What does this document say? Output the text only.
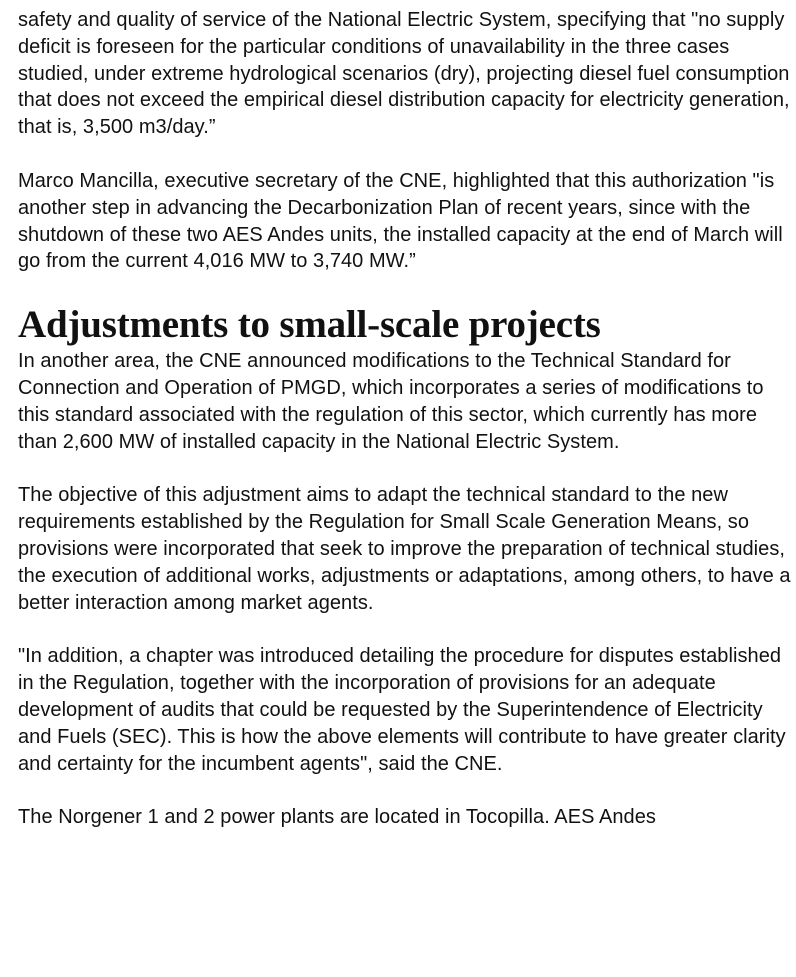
safety and quality of service of the National Electric System, specifying that "no supply deficit is foreseen for the particular conditions of unavailability in the three cases studied, under extreme hydrological scenarios (dry), projecting diesel fuel consumption that does not exceed the empirical diesel distribution capacity for electricity generation, that is, 3,500 m3/day.”

Marco Mancilla, executive secretary of the CNE, highlighted that this authorization "is another step in advancing the Decarbonization Plan of recent years, since with the shutdown of these two AES Andes units, the installed capacity at the end of March will go from the current 4,016 MW to 3,740 MW.”

Adjustments to small-scale projects

In another area, the CNE announced modifications to the Technical Standard for Connection and Operation of PMGD, which incorporates a series of modifications to this standard associated with the regulation of this sector, which currently has more than 2,600 MW of installed capacity in the National Electric System.

The objective of this adjustment aims to adapt the technical standard to the new requirements established by the Regulation for Small Scale Generation Means, so provisions were incorporated that seek to improve the preparation of technical studies, the execution of additional works, adjustments or adaptations, among others, to have a better interaction among market agents.

"In addition, a chapter was introduced detailing the procedure for disputes established in the Regulation, together with the incorporation of provisions for an adequate development of audits that could be requested by the Superintendence of Electricity and Fuels (SEC). This is how the above elements will contribute to have greater clarity and certainty for the incumbent agents", said the CNE.

The Norgener 1 and 2 power plants are located in Tocopilla. AES Andes
